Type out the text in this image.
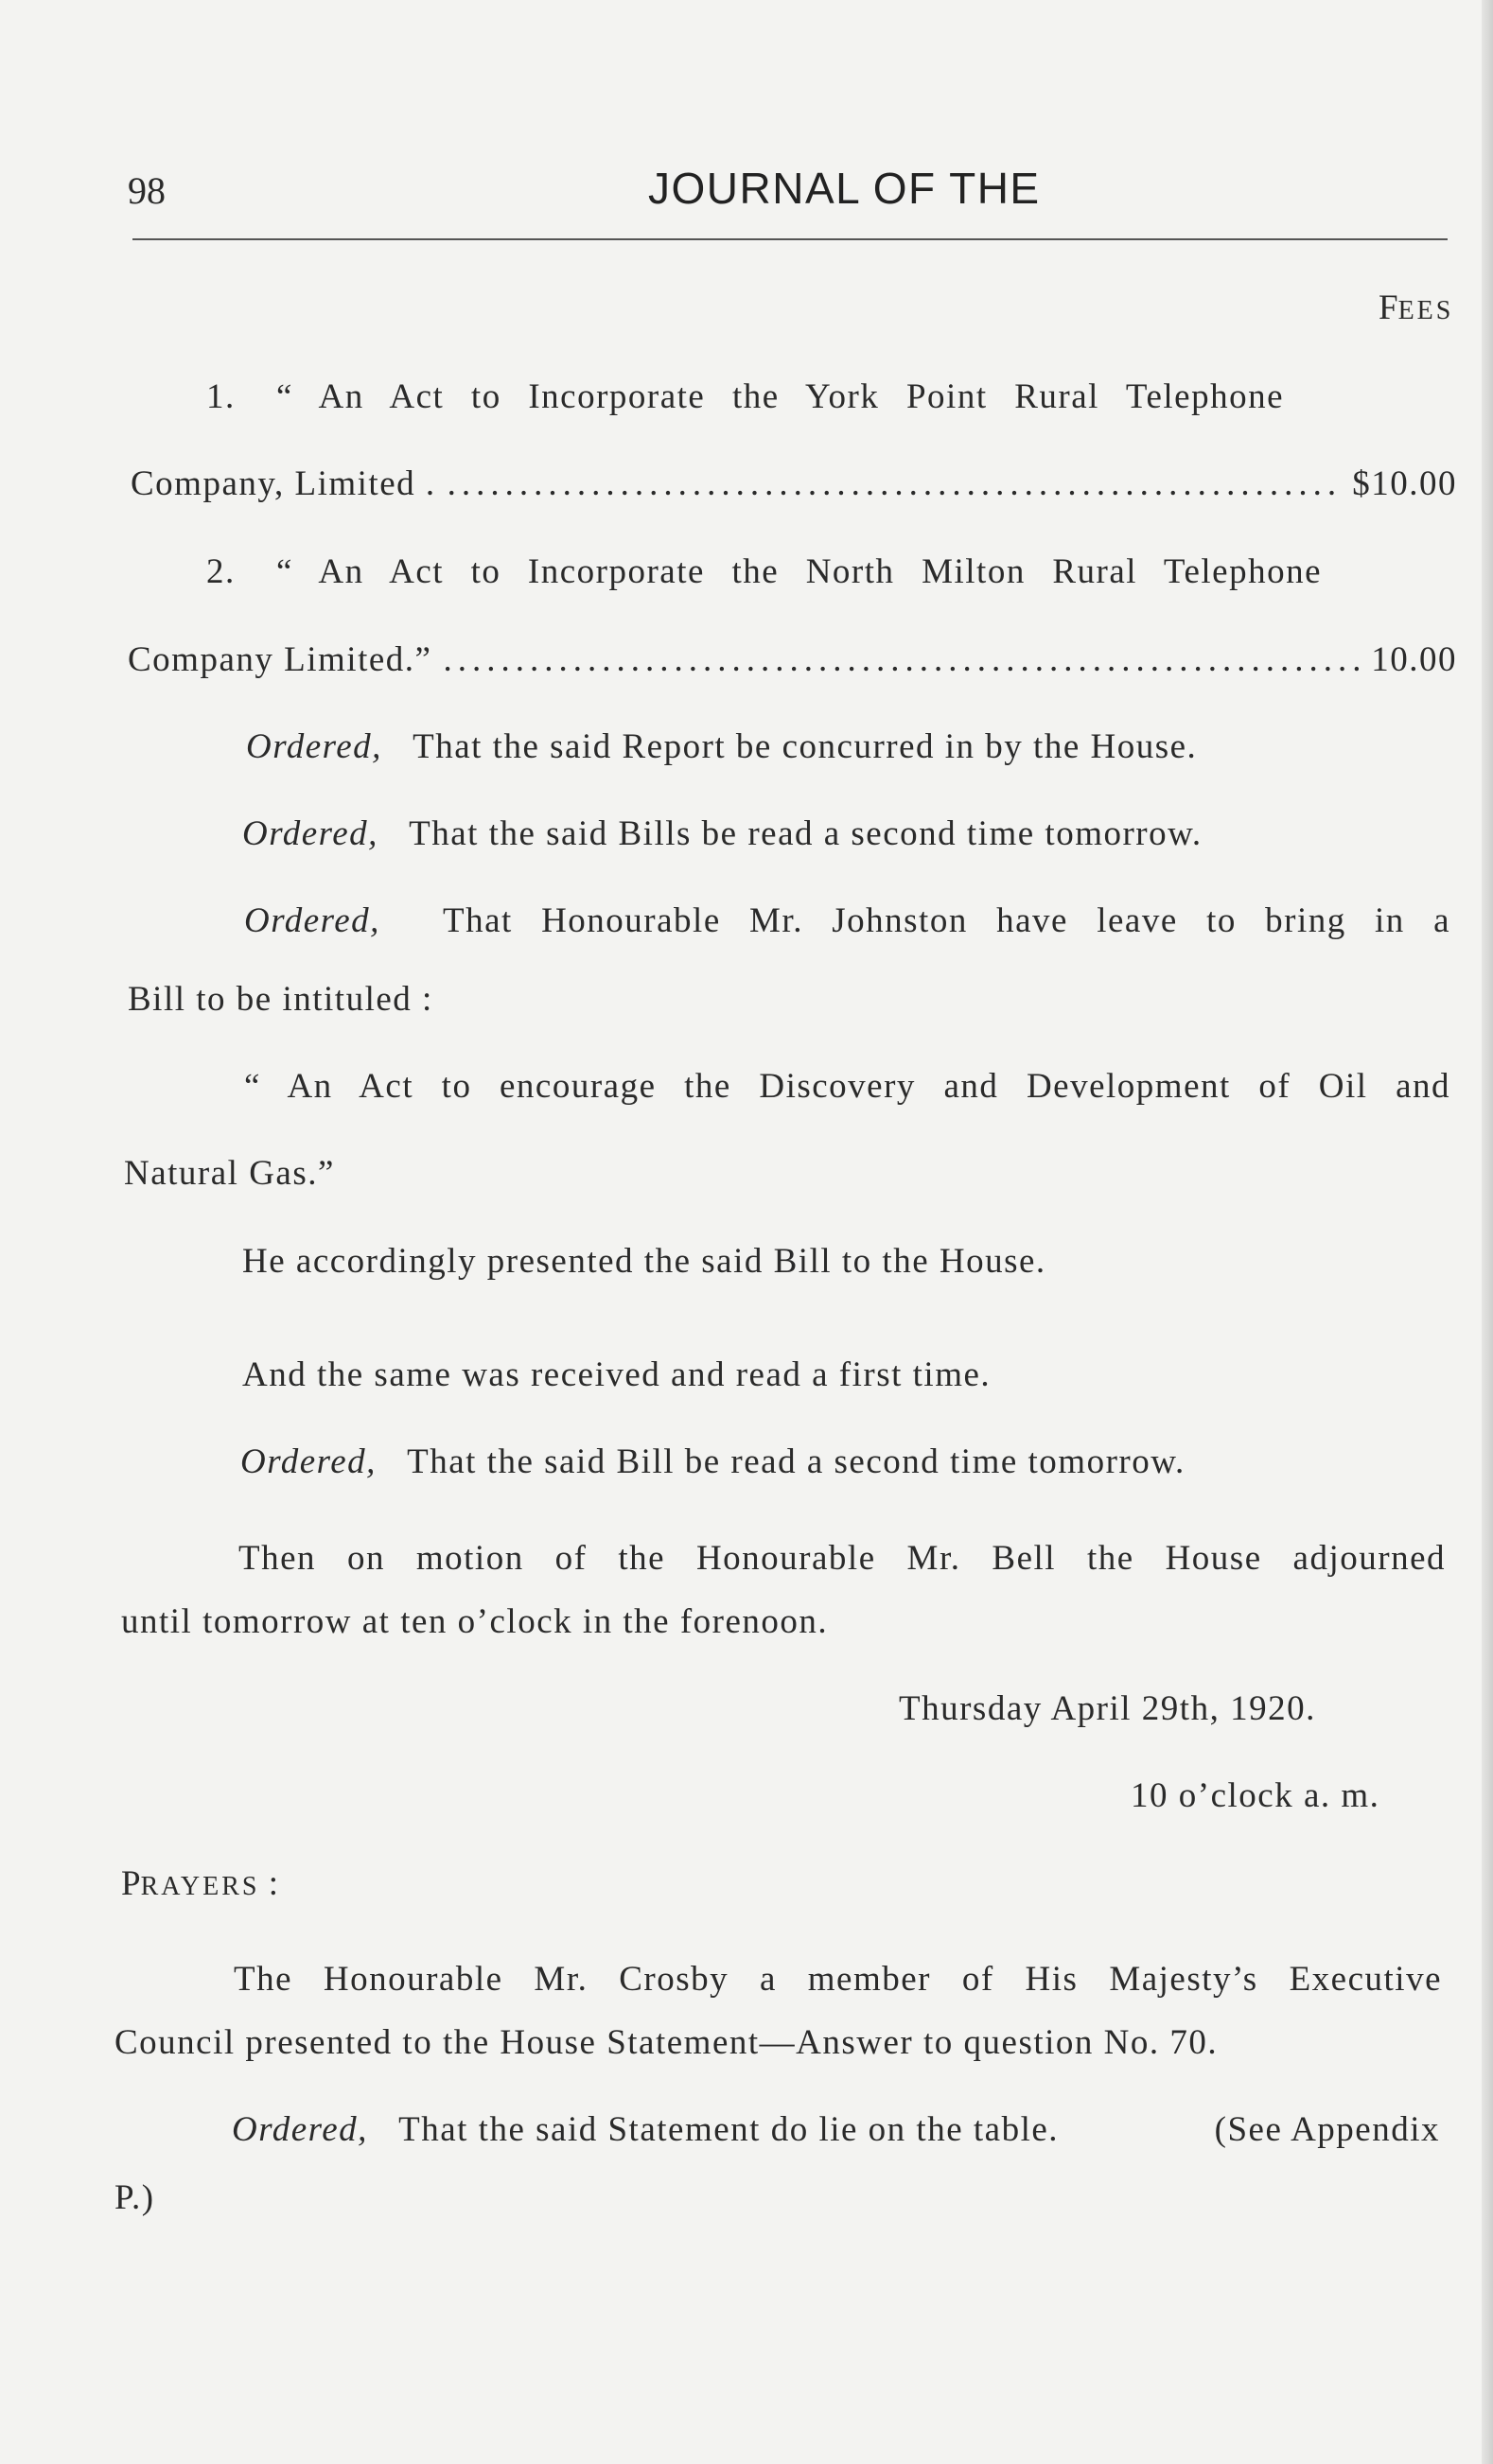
98	JOURNAL OF THE
FEES
1. “ An Act to Incorporate the York Point Rural Telephone
Company, Limited . .....	$10.00
2. “ An Act to Incorporate the North Milton Rural Telephone
Company Limited.” .....	10.00
Ordered, That the said Report be concurred in by the House.
Ordered, That the said Bills be read a second time tomorrow.
Ordered, That Honourable Mr. Johnston have leave to bring in a
Bill to be intituled :
“ An Act to encourage the Discovery and Development of Oil and
Natural Gas.”
He accordingly presented the said Bill to the House.
And the same was received and read a first time.
Ordered, That the said Bill be read a second time tomorrow.
Then on motion of the Honourable Mr. Bell the House adjourned
until tomorrow at ten o’clock in the forenoon.
Thursday April 29th, 1920.
10 o’clock a. m.
PRAYERS :
The Honourable Mr. Crosby a member of His Majesty’s Executive
Council presented to the House Statement—Answer to question No. 70.
Ordered, That the said Statement do lie on the table.	(See Appendix
P.)
